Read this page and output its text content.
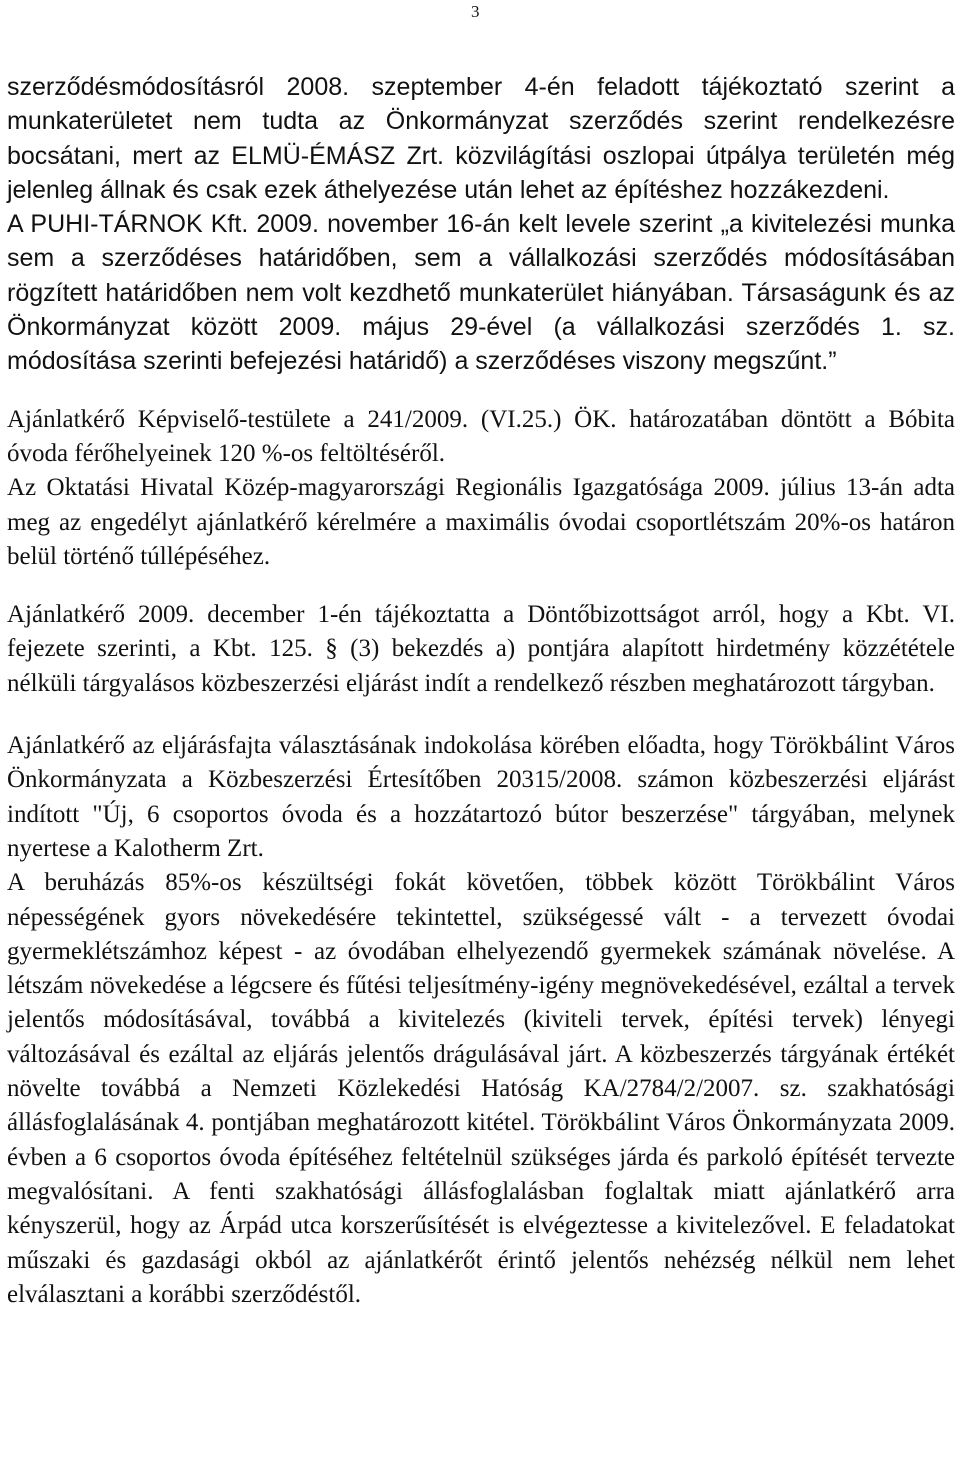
3

szerződésmódosításról 2008. szeptember 4-én feladott tájékoztató szerint a munkaterületet nem tudta az Önkormányzat szerződés szerint rendelkezésre bocsátani, mert az ELMÜ-ÉMÁSZ Zrt. közvilágítási oszlopai útpálya területén még jelenleg állnak és csak ezek áthelyezése után lehet az építéshez hozzákezdeni.

A PUHI-TÁRNOK Kft. 2009. november 16-án kelt levele szerint „a kivitelezési munka sem a szerződéses határidőben, sem a vállalkozási szerződés módosításában rögzített határidőben nem volt kezdhető munkaterület hiányában. Társaságunk és az Önkormányzat között 2009. május 29-ével (a vállalkozási szerződés 1. sz. módosítása szerinti befejezési határidő) a szerződéses viszony megszűnt.”

Ajánlatkérő Képviselő-testülete a 241/2009. (VI.25.) ÖK. határozatában döntött a Bóbita óvoda férőhelyeinek 120 %-os feltöltéséről.

Az Oktatási Hivatal Közép-magyarországi Regionális Igazgatósága 2009. július 13-án adta meg az engedélyt ajánlatkérő kérelmére a maximális óvodai csoportlétszám 20%-os határon belül történő túllépéséhez.

Ajánlatkérő 2009. december 1-én tájékoztatta a Döntőbizottságot arról, hogy a Kbt. VI. fejezete szerinti, a Kbt. 125. § (3) bekezdés a) pontjára alapított hirdetmény közzététele nélküli tárgyalásos közbeszerzési eljárást indít a rendelkező részben meghatározott tárgyban.

Ajánlatkérő az eljárásfajta választásának indokolása körében előadta, hogy Törökbálint Város Önkormányzata a Közbeszerzési Értesítőben 20315/2008. számon közbeszerzési eljárást indított "Új, 6 csoportos óvoda és a hozzátartozó bútor beszerzése" tárgyában, melynek nyertese a Kalotherm Zrt.

A beruházás 85%-os készültségi fokát követően, többek között Törökbálint Város népességének gyors növekedésére tekintettel, szükségessé vált - a tervezett óvodai gyermeklétszámhoz képest - az óvodában elhelyezendő gyermekek számának növelése. A létszám növekedése a légcsere és fűtési teljesítmény-igény megnövekedésével, ezáltal a tervek jelentős módosításával, továbbá a kivitelezés (kiviteli tervek, építési tervek) lényegi változásával és ezáltal az eljárás jelentős drágulásával járt. A közbeszerzés tárgyának értékét növelte továbbá a Nemzeti Közlekedési Hatóság KA/2784/2/2007. sz. szakhatósági állásfoglalásának 4. pontjában meghatározott kitétel. Törökbálint Város Önkormányzata 2009. évben a 6 csoportos óvoda építéséhez feltételnül szükséges járda és parkoló építését tervezte megvalósítani. A fenti szakhatósági állásfoglalásban foglaltak miatt ajánlatkérő arra kényszerül, hogy az Árpád utca korszerűsítését is elvégeztesse a kivitelezővel. E feladatokat műszaki és gazdasági okból az ajánlatkérőt érintő jelentős nehézség nélkül nem lehet elválasztani a korábbi szerződéstől.
